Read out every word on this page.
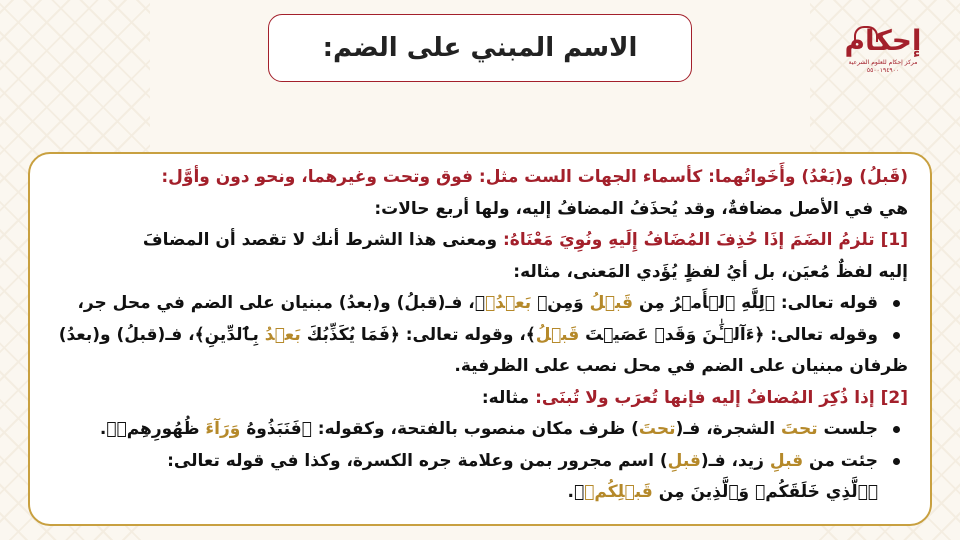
الاسم المبني على الضم:	إحكام
مركز إحكام للعلوم الشرعية
٥٥٠٠١٩٤٩٠٠
(قَبلُ) و(بَعْدُ) وأَخَواتُهما: كأسماء الجهات الست مثل: فوق وتحت وغيرهما، ونحو دون وأوَّل:
هي في الأصل مضافةٌ، وقد يُحذَفُ المضافُ إليه، ولها أربع حالات:
[1] تلزمُ الضَمَ إذَا حُذِفَ المُضَافُ إِلَيهِ ونُوِيَ مَعْنَاهُ: ومعنى هذا الشرط أنك لا تقصد أن المضافَ
إليه لفظٌ مُعيَن، بل أيُ لفظٍ يُؤَدي المَعنى، مثاله:
قوله تعالى: ﴿لِلَّهِ ٱلۡأَمۡرُ مِن قَبۡلُ وَمِنۢ بَعۡدُۚ﴾، فـ(قبلُ) و(بعدُ) مبنيان على الضم في محل جر،
وقوله تعالى: ﴿ءَآلۡـَٰٔنَ وَقَدۡ عَصَيۡتَ قَبۡلُ﴾، وقوله تعالى: ﴿فَمَا يُكَذِّبُكَ بَعۡدُ بِٱلدِّينِ﴾، فـ(قبلُ) و(بعدُ)
ظرفان مبنيان على الضم في محل نصب على الظرفية.
[2] إذا ذُكِرَ المُضافُ إليه فإنها تُعرَب ولا تُبنَى: مثاله:
جلست تحتَ الشجرة، فـ(تحتَ) ظرف مكان منصوب بالفتحة، وكقوله: ﴿فَنَبَذُوهُ وَرَآءَ ظُهُورِهِمۡ﴾.
جئت من قبلِ زيد، فـ(قبلِ) اسم مجرور بمن وعلامة جره الكسرة، وكذا في قوله تعالى:
﴿ٱلَّذِي خَلَقَكُمۡ وَٱلَّذِينَ مِن قَبۡلِكُمۡ﴾.
